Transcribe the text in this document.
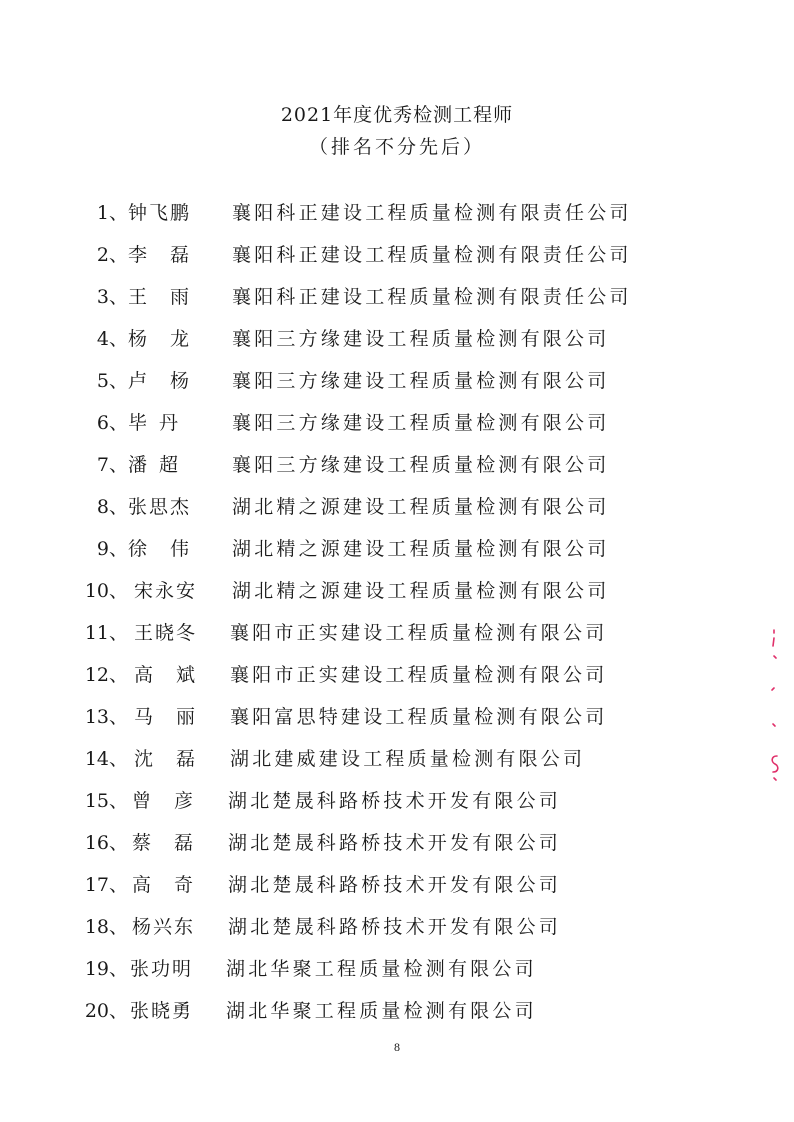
2021年度优秀检测工程师
（排名不分先后）
1、 钟飞鹏 襄阳科正建设工程质量检测有限责任公司
2、 李　磊 襄阳科正建设工程质量检测有限责任公司
3、 王　雨 襄阳科正建设工程质量检测有限责任公司
4、 杨　龙 襄阳三方缘建设工程质量检测有限公司
5、 卢　杨 襄阳三方缘建设工程质量检测有限公司
6、 毕丹 襄阳三方缘建设工程质量检测有限公司
7、 潘超 襄阳三方缘建设工程质量检测有限公司
8、 张思杰 湖北精之源建设工程质量检测有限公司
9、 徐　伟 湖北精之源建设工程质量检测有限公司
10、 宋永安 湖北精之源建设工程质量检测有限公司
11、 王晓冬 襄阳市正实建设工程质量检测有限公司
12、 高　斌 襄阳市正实建设工程质量检测有限公司
13、 马　丽 襄阳富思特建设工程质量检测有限公司
14、 沈　磊 湖北建威建设工程质量检测有限公司
15、 曾　彦 湖北楚晟科路桥技术开发有限公司
16、 蔡　磊 湖北楚晟科路桥技术开发有限公司
17、 高　奇 湖北楚晟科路桥技术开发有限公司
18、 杨兴东 湖北楚晟科路桥技术开发有限公司
19、 张功明 湖北华聚工程质量检测有限公司
20、 张晓勇 湖北华聚工程质量检测有限公司
8
